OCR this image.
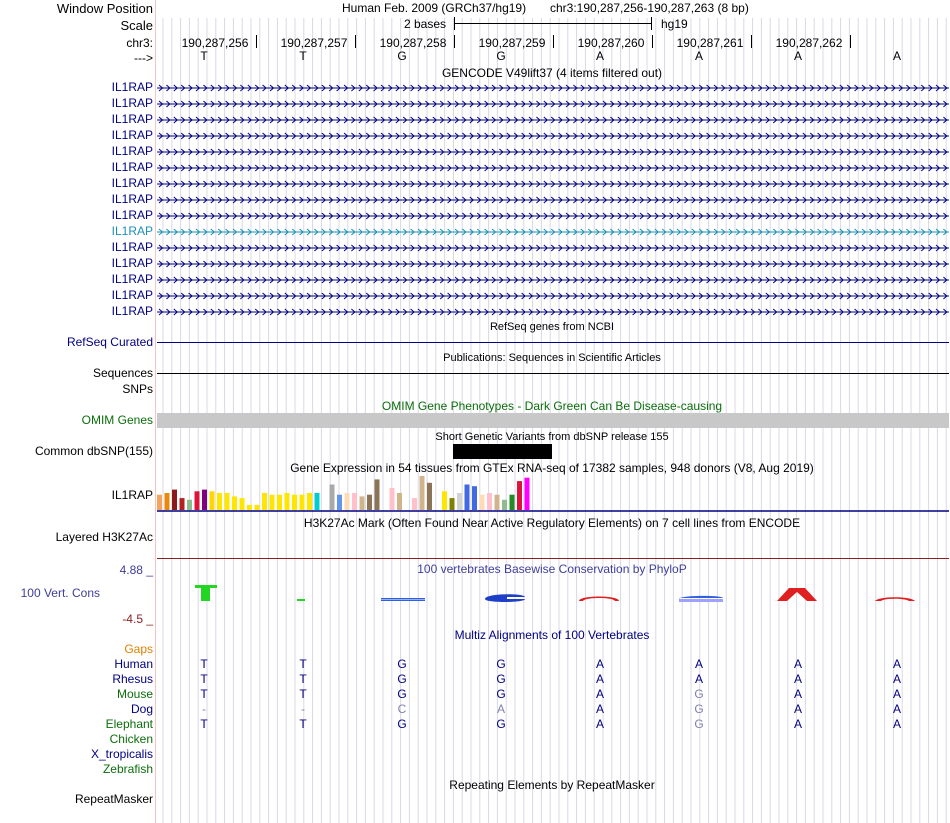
Window Position	Human Feb. 2009 (GRCh37/hg19) chr3:190,287,256-190,287,263 (8 bp)
Scale	2 bases	hg19
chr3: 190,287,256	190,287,257	190,287,258	190,287,259	190,287,260	190,287,261	190,287,262
--->	T	T	G	G	A	A	A	A
GENCODE V49lift37 (4 items filtered out)
IL1RAP
IL1RAP
IL1RAP
IL1RAP
IL1RAP
IL1RAP
IL1RAP
IL1RAP
IL1RAP
IL1RAP
IL1RAP
IL1RAP
IL1RAP
IL1RAP
IL1RAP
RefSeq genes from NCBI
RefSeq Curated
Publications: Sequences in Scientific Articles
Sequences
SNPs
OMIM Gene Phenotypes - Dark Green Can Be Disease-causing
OMIM Genes
Short Genetic Variants from dbSNP release 155
Common dbSNP(155)
Gene Expression in 54 tissues from GTEx RNA-seq of 17382 samples, 948 donors (V8, Aug 2019)
IL1RAP
H3K27Ac Mark (Often Found Near Active Regulatory Elements) on 7 cell lines from ENCODE
Layered H3K27Ac
100 vertebrates Basewise Conservation by PhyloP
4.88 _
100 Vert. Cons
-4.5 _
Multiz Alignments of 100 Vertebrates
Gaps
Human	T	T	G	G	A	A	A	A
Rhesus	T	T	G	G	A	A	A	A
Mouse	T	T	G	G	A	G	A	A
Dog	-	-	C	A	A	G	A	A
Elephant	T	T	G	G	A	G	A	A
Chicken
X_tropicalis
Zebrafish
Repeating Elements by RepeatMasker
RepeatMasker
